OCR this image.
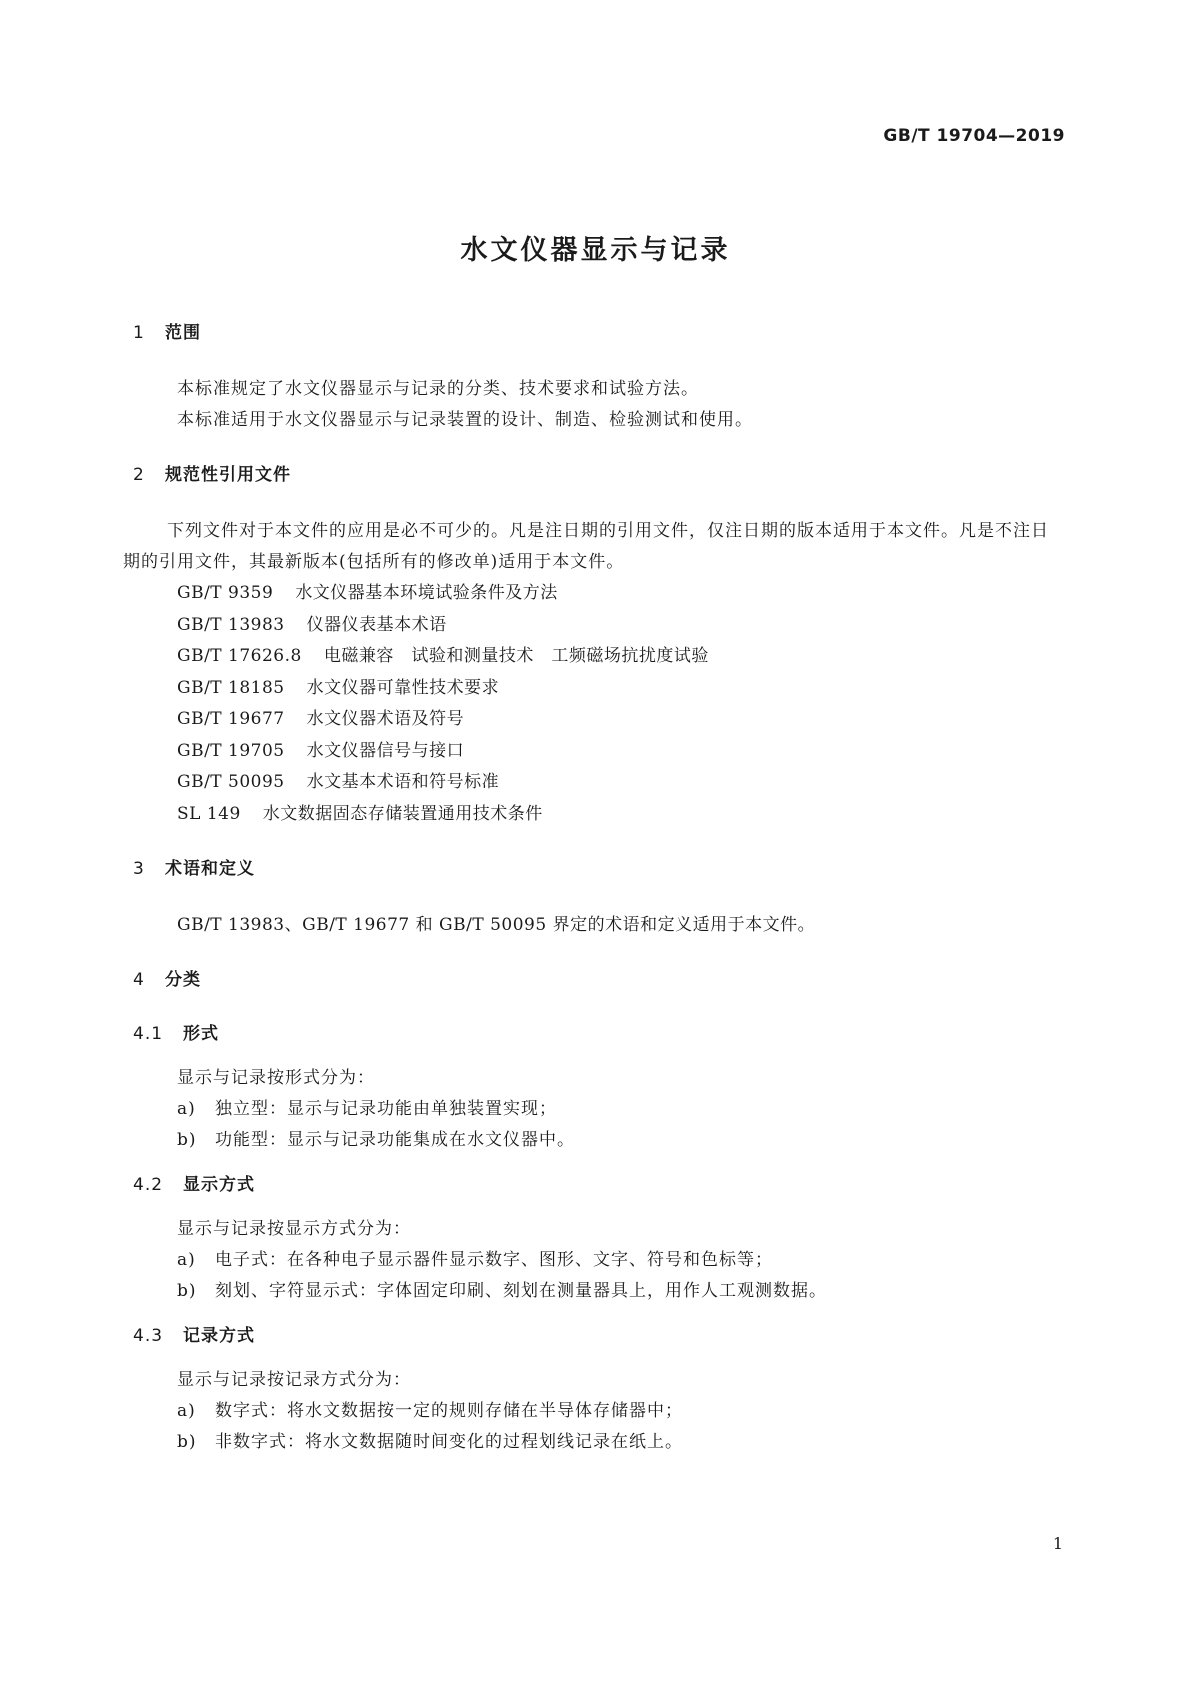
GB/T 19704—2019
水文仪器显示与记录
1 范围

本标准规定了水文仪器显示与记录的分类、技术要求和试验方法。

本标准适用于水文仪器显示与记录装置的设计、制造、检验测试和使用。

2 规范性引用文件

下列文件对于本文件的应用是必不可少的。凡是注日期的引用文件，仅注日期的版本适用于本文件。凡是不注日期的引用文件，其最新版本(包括所有的修改单)适用于本文件。

GB/T 9359 水文仪器基本环境试验条件及方法

GB/T 13983 仪器仪表基本术语

GB/T 17626.8 电磁兼容　试验和测量技术　工频磁场抗扰度试验

GB/T 18185 水文仪器可靠性技术要求

GB/T 19677 水文仪器术语及符号

GB/T 19705 水文仪器信号与接口

GB/T 50095 水文基本术语和符号标准

SL 149 水文数据固态存储装置通用技术条件

3 术语和定义

GB/T 13983、GB/T 19677 和 GB/T 50095 界定的术语和定义适用于本文件。

4 分类
4.1 形式

显示与记录按形式分为：

a) 独立型：显示与记录功能由单独装置实现；

b) 功能型：显示与记录功能集成在水文仪器中。

4.2 显示方式

显示与记录按显示方式分为：

a) 电子式：在各种电子显示器件显示数字、图形、文字、符号和色标等；

b) 刻划、字符显示式：字体固定印刷、刻划在测量器具上，用作人工观测数据。

4.3 记录方式

显示与记录按记录方式分为：

a) 数字式：将水文数据按一定的规则存储在半导体存储器中；

b) 非数字式：将水文数据随时间变化的过程划线记录在纸上。

1
